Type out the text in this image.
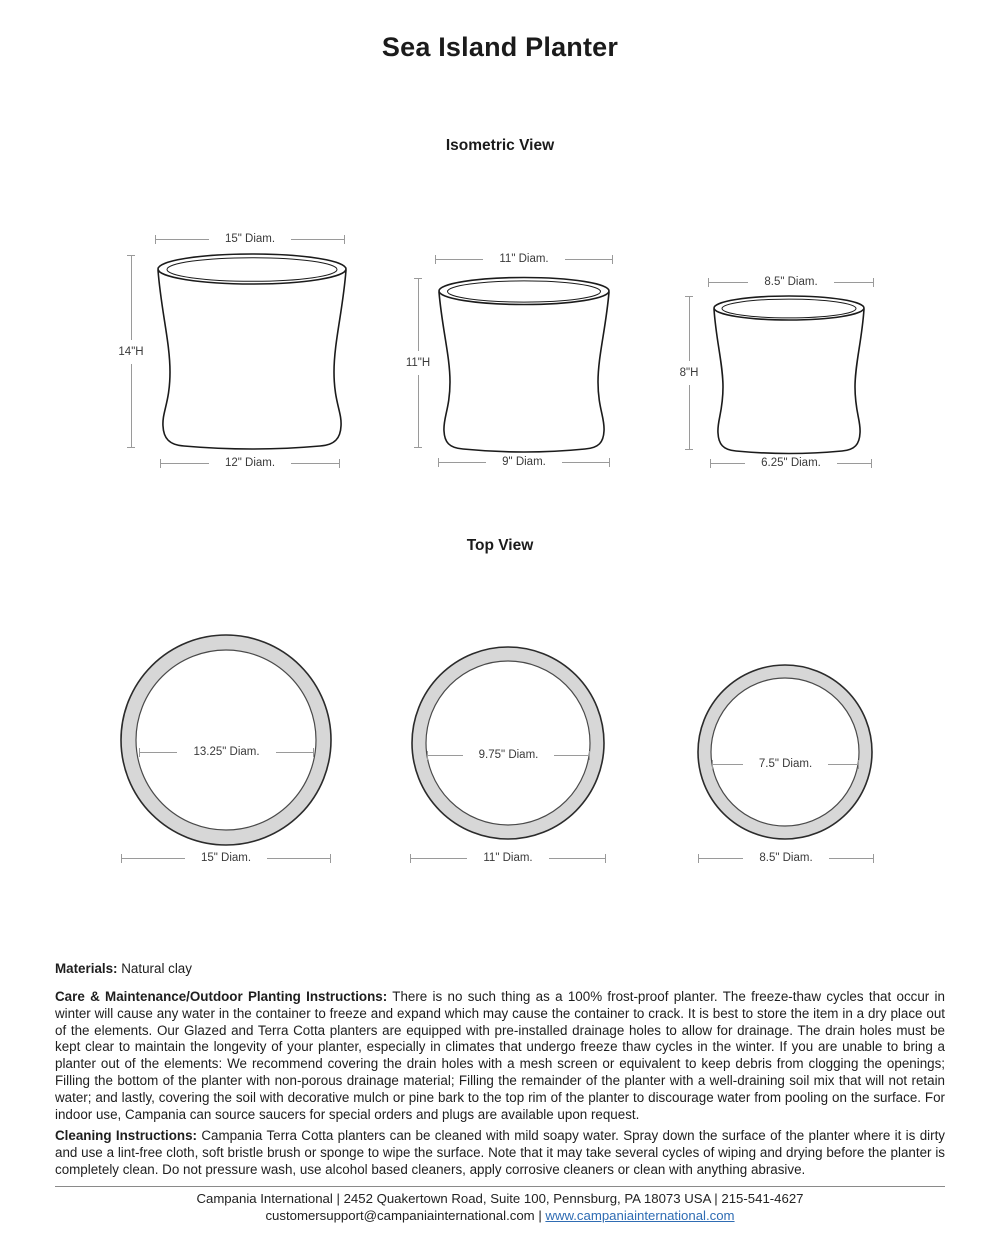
Sea Island Planter
Isometric View
15" Diam.
14"H
12" Diam.
11" Diam.
11"H
9" Diam.
8.5" Diam.
8"H
6.25" Diam.
Top View
13.25" Diam.
15" Diam.
9.75" Diam.
11" Diam.
7.5" Diam.
8.5" Diam.
Materials: Natural clay
Care & Maintenance/Outdoor Planting Instructions: There is no such thing as a 100% frost-proof planter. The freeze-thaw cycles that occur in winter will cause any water in the container to freeze and expand which may cause the container to crack. It is best to store the item in a dry place out of the elements. Our Glazed and Terra Cotta planters are equipped with pre-installed drainage holes to allow for drainage. The drain holes must be kept clear to maintain the longevity of your planter, especially in climates that undergo freeze thaw cycles in the winter. If you are unable to bring a planter out of the elements: We recommend covering the drain holes with a mesh screen or equivalent to keep debris from clogging the openings; Filling the bottom of the planter with non-porous drainage material; Filling the remainder of the planter with a well-draining soil mix that will not retain water; and lastly, covering the soil with decorative mulch or pine bark to the top rim of the planter to discourage water from pooling on the surface. For indoor use, Campania can source saucers for special orders and plugs are available upon request.
Cleaning Instructions: Campania Terra Cotta planters can be cleaned with mild soapy water. Spray down the surface of the planter where it is dirty and use a lint-free cloth, soft bristle brush or sponge to wipe the surface. Note that it may take several cycles of wiping and drying before the planter is completely clean. Do not pressure wash, use alcohol based cleaners, apply corrosive cleaners or clean with anything abrasive.
Campania International | 2452 Quakertown Road, Suite 100, Pennsburg, PA 18073 USA | 215-541-4627
customersupport@campaniainternational.com | www.campaniainternational.com
